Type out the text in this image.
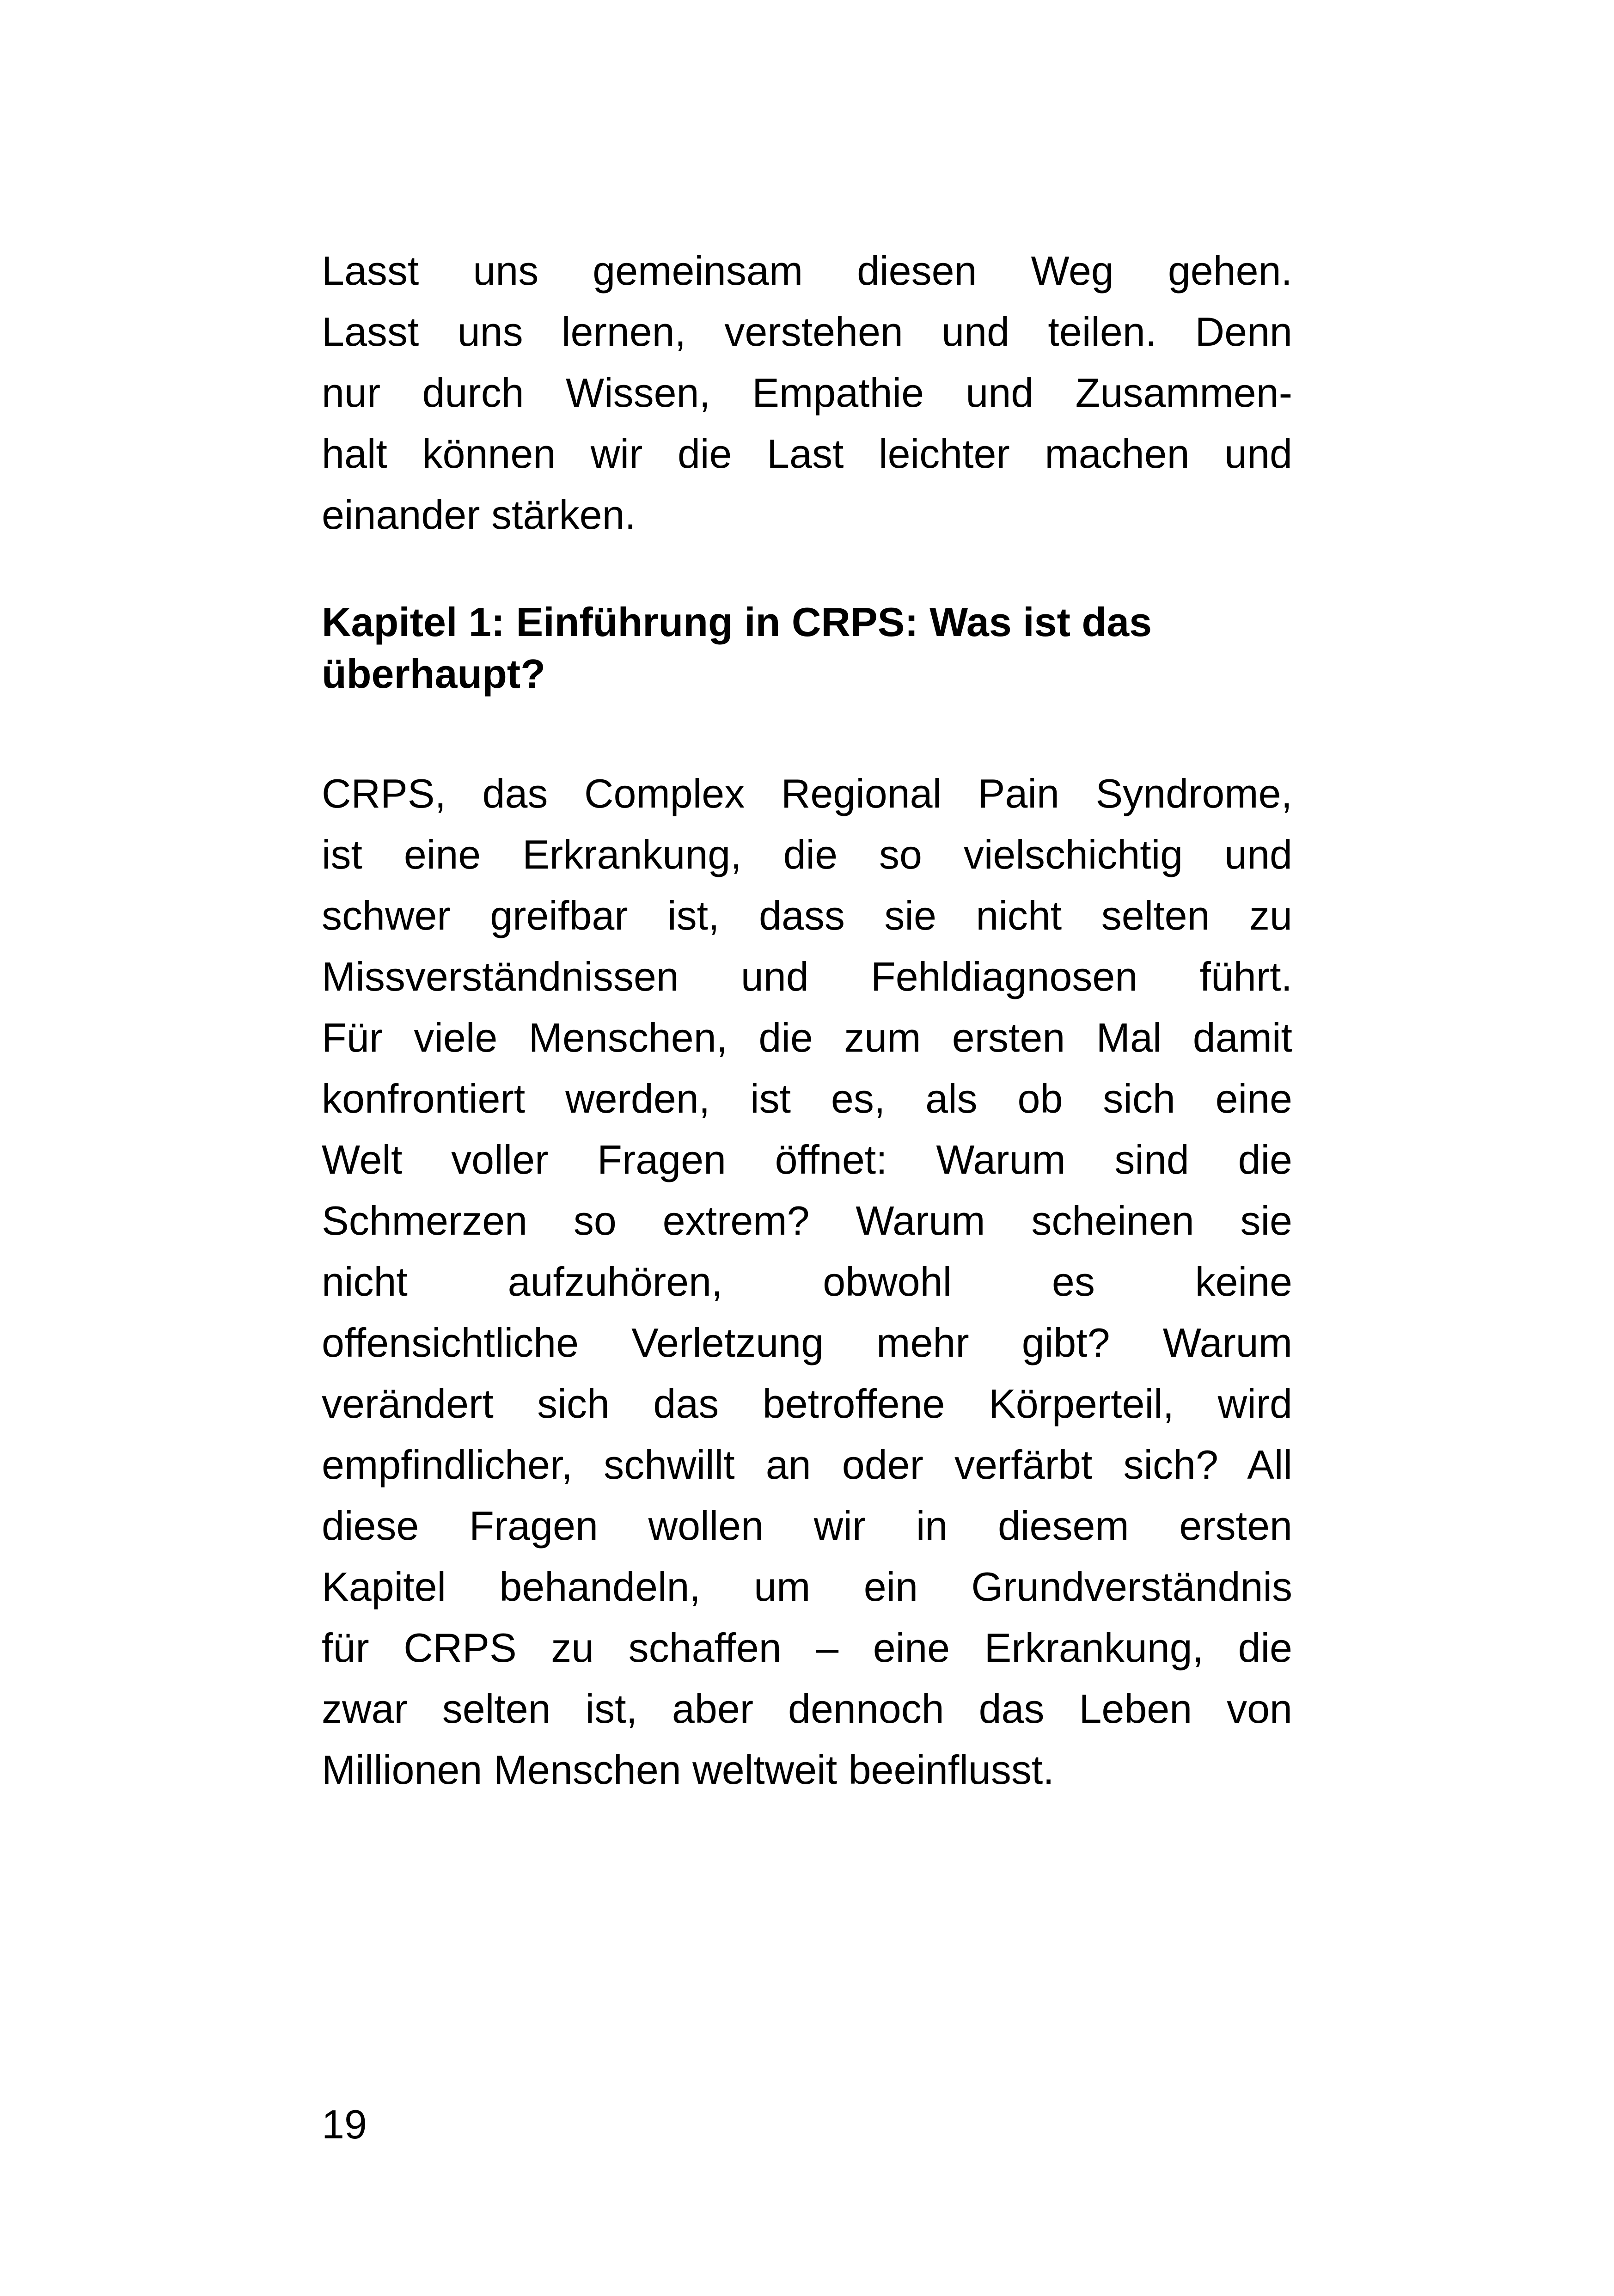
Lasst uns gemeinsam diesen Weg gehen.
Lasst uns lernen, verstehen und teilen. Denn
nur durch Wissen, Empathie und Zusammen-
halt können wir die Last leichter machen und
einander stärken.
Kapitel 1: Einführung in CRPS: Was ist das
überhaupt?
CRPS, das Complex Regional Pain Syndrome,
ist eine Erkrankung, die so vielschichtig und
schwer greifbar ist, dass sie nicht selten zu
Missverständnissen und Fehldiagnosen führt.
Für viele Menschen, die zum ersten Mal damit
konfrontiert werden, ist es, als ob sich eine
Welt voller Fragen öffnet: Warum sind die
Schmerzen so extrem? Warum scheinen sie
nicht aufzuhören, obwohl es keine
offensichtliche Verletzung mehr gibt? Warum
verändert sich das betroffene Körperteil, wird
empfindlicher, schwillt an oder verfärbt sich? All
diese Fragen wollen wir in diesem ersten
Kapitel behandeln, um ein Grundverständnis
für CRPS zu schaffen – eine Erkrankung, die
zwar selten ist, aber dennoch das Leben von
Millionen Menschen weltweit beeinflusst.
19
